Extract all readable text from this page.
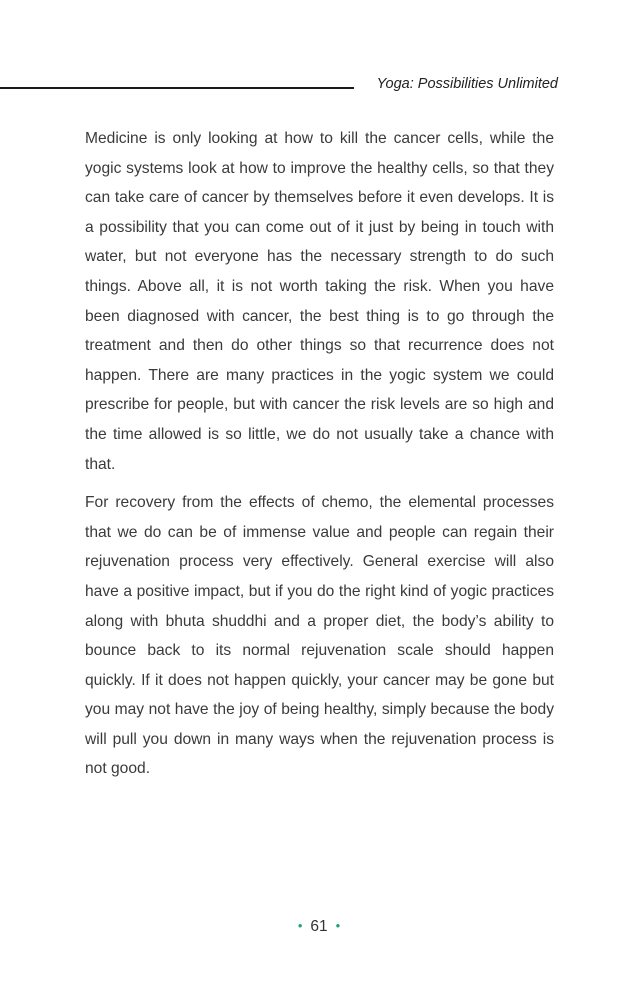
Yoga: Possibilities Unlimited

Medicine is only looking at how to kill the cancer cells, while the yogic systems look at how to improve the healthy cells, so that they can take care of cancer by themselves before it even develops. It is a possibility that you can come out of it just by being in touch with water, but not everyone has the necessary strength to do such things. Above all, it is not worth taking the risk. When you have been diagnosed with cancer, the best thing is to go through the treatment and then do other things so that recurrence does not happen. There are many practices in the yogic system we could prescribe for people, but with cancer the risk levels are so high and the time allowed is so little, we do not usually take a chance with that.

For recovery from the effects of chemo, the elemental processes that we do can be of immense value and people can regain their rejuvenation process very effectively. General exercise will also have a positive impact, but if you do the right kind of yogic practices along with bhuta shuddhi and a proper diet, the body’s ability to bounce back to its normal rejuvenation scale should happen quickly. If it does not happen quickly, your cancer may be gone but you may not have the joy of being healthy, simply because the body will pull you down in many ways when the rejuvenation process is not good.

• 61 •
